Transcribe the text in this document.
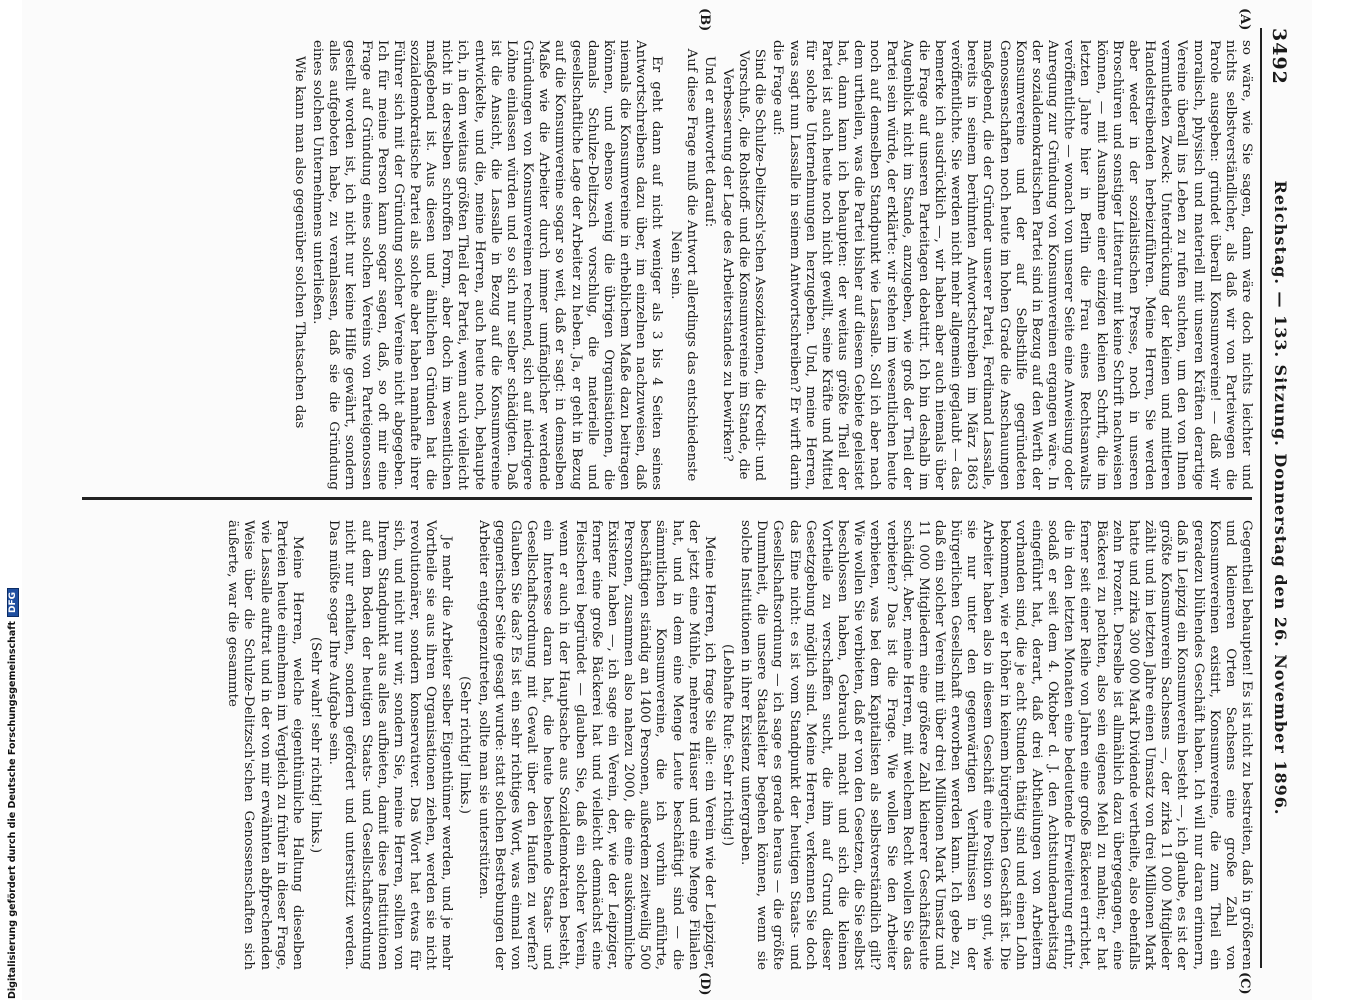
3492
Reichstag. — 133. Sitzung. Donnerstag den 26. November 1896.

so wäre, wie Sie sagen, dann wäre doch nichts leichter und nichts selbstverständlicher, als daß wir von Parteiwegen die Parole ausgeben: gründet überall Konsumvereine! — daß wir moralisch, physisch und materiell mit unseren Kräften derartige Vereine überall ins Leben zu rufen suchten, um den von Ihnen vermutheten Zweck: Unterdrückung der kleinen und mittleren Handelstreibenden herbeizuführen. Meine Herren, Sie werden aber weder in der sozialistischen Presse, noch in unseren Broschüren und sonstiger Litteratur mit keine Schrift nachweisen können, — mit Ausnahme einer einzigen kleinen Schrift, die im letzten Jahre hier in Berlin die Frau eines Rechtsanwalts veröffentlichte — wonach von unserer Seite eine Anweisung oder Anregung zur Gründung von Konsumvereinen ergangen wäre. In der sozialdemokratischen Partei sind in Bezug auf den Werth der Konsumvereine und der auf Selbsthilfe gegründeten Genossenschaften noch heute im hohen Grade die Anschauungen maßgebend, die der Gründer unserer Partei, Ferdinand Lassalle, bereits in seinem berühmten Antwortschreiben im März 1863 veröffentlichte. Sie werden nicht mehr allgemein geglaubt — das bemerke ich ausdrücklich —, wir haben aber auch niemals über die Frage auf unseren Parteitagen debattirt. Ich bin deshalb im Augenblick nicht im Stande, anzugeben, wie groß der Theil der Partei sein würde, der erklärte: wir stehen im wesentlichen heute noch auf demselben Standpunkt wie Lassalle. Soll ich aber nach dem urtheilen, was die Partei bisher auf diesem Gebiete geleistet hat, dann kann ich behaupten: der weitaus größte Theil der Partei ist auch heute noch nicht gewillt, seine Kräfte und Mittel für solche Unternehmungen herzugeben. Und, meine Herren, was sagt nun Lassalle in seinem Antwortschreiben? Er wirft darin die Frage auf:

Sind die Schulze-Delitzsch'schen Assoziationen, die Kredit- und Vorschuß-, die Rohstoff- und die Konsumvereine im Stande, die Verbesserung der Lage des Arbeiterstandes zu bewirken?

Und er antwortet darauf:

Auf diese Frage muß die Antwort allerdings das entschiedenste Nein sein.

Er geht dann auf nicht weniger als 3 bis 4 Seiten seines Antwortschreibens dazu über, im einzelnen nachzuweisen, daß niemals die Konsumvereine in erheblichem Maße dazu beitragen können, und ebenso wenig die übrigen Organisationen, die damals Schulze-Delitzsch vorschlug, die materielle und gesellschaftliche Lage der Arbeiter zu heben. Ja, er geht in Bezug auf die Konsumvereine sogar so weit, daß er sagt: in demselben Maße wie die Arbeiter durch immer umfänglicher werdende Gründungen von Konsumvereinen rechnend, sich auf niedrigere Löhne einlassen würden und so sich nur selber schädigten. Daß ist die Ansicht, die Lassalle in Bezug auf die Konsumvereine entwickelte, und die, meine Herren, auch heute noch, behaupte ich, in dem weitaus größten Theil der Partei, wenn auch vielleicht nicht in derselben schroffen Form, aber doch im wesentlichen maßgebend ist. Aus diesen und ähnlichen Gründen hat die sozialdemokratische Partei als solche aber haben namhafte ihrer Führer sich mit der Gründung solcher Vereine nicht abgegeben. Ich für meine Person kann sogar sagen, daß, so oft mir eine Frage auf Gründung eines solchen Vereins von Parteigenossen gestellt worden ist, ich nicht nur keine Hilfe gewährt, sondern alles aufgeboten habe, zu veranlassen, daß sie die Gründung eines solchen Unternehmens unterließen.

Wie kann man also gegenüber solchen Thatsachen das

Gegentheil behaupten! Es ist nicht zu bestreiten, daß in größeren und kleineren Orten Sachsens eine große Zahl von Konsumvereinen existirt, Konsumvereine, die zum Theil ein geradezu blühendes Geschäft haben. Ich will nur daran erinnern, daß in Leipzig ein Konsumverein besteht —, ich glaube, es ist der größte Konsumverein Sachsens —, der zirka 11 000 Mitglieder zählt und im letzten Jahre einen Umsatz von drei Millionen Mark hatte und zirka 300 000 Mark Dividende vertheilte, also ebenfalls zehn Prozent. Derselbe ist allmählich dazu übergegangen, eine Bäckerei zu pachten, also sein eigenes Mehl zu mahlen; er hat ferner seit einer Reihe von Jahren eine große Bäckerei errichtet, die in den letzten Monaten eine bedeutende Erweiterung erfuhr, sodaß er seit dem 4. Oktober d. J. den Achtstundenarbeitstag eingeführt hat, derart, daß drei Abtheilungen von Arbeitern vorhanden sind, die je acht Stunden thätig sind und einen Lohn bekommen, wie er höher in keinem bürgerlichen Geschäft ist. Die Arbeiter haben also in diesem Geschäft eine Position so gut, wie sie nur unter den gegenwärtigen Verhältnissen in der bürgerlichen Gesellschaft erworben werden kann. Ich gebe zu, daß ein solcher Verein mit über drei Millionen Mark Umsatz und 11 000 Mitgliedern eine größere Zahl kleinerer Geschäftsleute schädigt. Aber, meine Herren, mit welchem Recht wollen Sie das verbieten? Das ist die Frage. Wie wollen Sie den Arbeiter verbieten, was bei dem Kapitalisten als selbstverständlich gilt? Wie wollen Sie verbieten, daß er von den Gesetzen, die Sie selbst beschlossen haben, Gebrauch macht und sich die kleinen Vortheile zu verschaffen sucht, die ihm auf Grund dieser Gesetzgebung möglich sind. Meine Herren, verkennen Sie doch das Eine nicht: es ist vom Standpunkt der heutigen Staats- und Gesellschaftsordnung — ich sage es gerade heraus — die größte Dummheit, die unsere Staatsleiter begehen können, wenn sie solche Institutionen in ihrer Existenz untergraben.

(Lebhafte Rufe: Sehr richtig!)

Meine Herren, ich frage Sie alle: ein Verein wie der Leipziger, der jetzt eine Mühle, mehrere Häuser und eine Menge Filialen hat, und in dem eine Menge Leute beschäftigt sind — die sämmtlichen Konsumvereine, die ich vorhin anführte, beschäftigen ständig an 1400 Personen, außerdem zeitweilig 500 Personen, zusammen also nahezu 2000, die eine auskömmliche Existenz haben —, ich sage ein Verein, der, wie der Leipziger, ferner eine große Bäckerei hat und vielleicht demnächst eine Fleischerei begründet — glauben Sie, daß ein solcher Verein, wenn er auch in der Hauptsache aus Sozialdemokraten besteht, ein Interesse daran hat, die heute bestehende Staats- und Gesellschaftsordnung mit Gewalt über den Haufen zu werfen? Glauben Sie das? Es ist ein sehr richtiges Wort, was einmal von gegnerischer Seite gesagt wurde: statt solchen Bestrebungen der Arbeiter entgegenzutreten, sollte man sie unterstützen.

(Sehr richtig! links.)

Je mehr die Arbeiter selber Eigenthümer werden, und je mehr Vortheile sie aus ihren Organisationen ziehen, werden sie nicht revolutionärer, sondern konservativer. Das Wort hat etwas für sich, und nicht nur wir, sondern Sie, meine Herren, sollten von Ihrem Standpunkt aus alles aufbieten, damit diese Institutionen auf dem Boden der heutigen Staats- und Gesellschaftsordnung nicht nur erhalten, sondern gefördert und unterstützt werden. Das müßte sogar Ihre Aufgabe sein.

(Sehr wahr! sehr richtig! links.)

Meine Herren, welche eigenthümliche Haltung dieselben Parteien heute einnehmen im Vergleich zu früher in dieser Frage, wie Lassalle auftrat und in der von mir erwähnten abfprechenden Weise über die Schulze-Delitzsch'schen Genossenschaften sich äußerte, war die gesammte

(A)
(B)
(C)
(D)
Digitalisierung gefördert durch die Deutsche ForschungsgemeinschaftDFG
